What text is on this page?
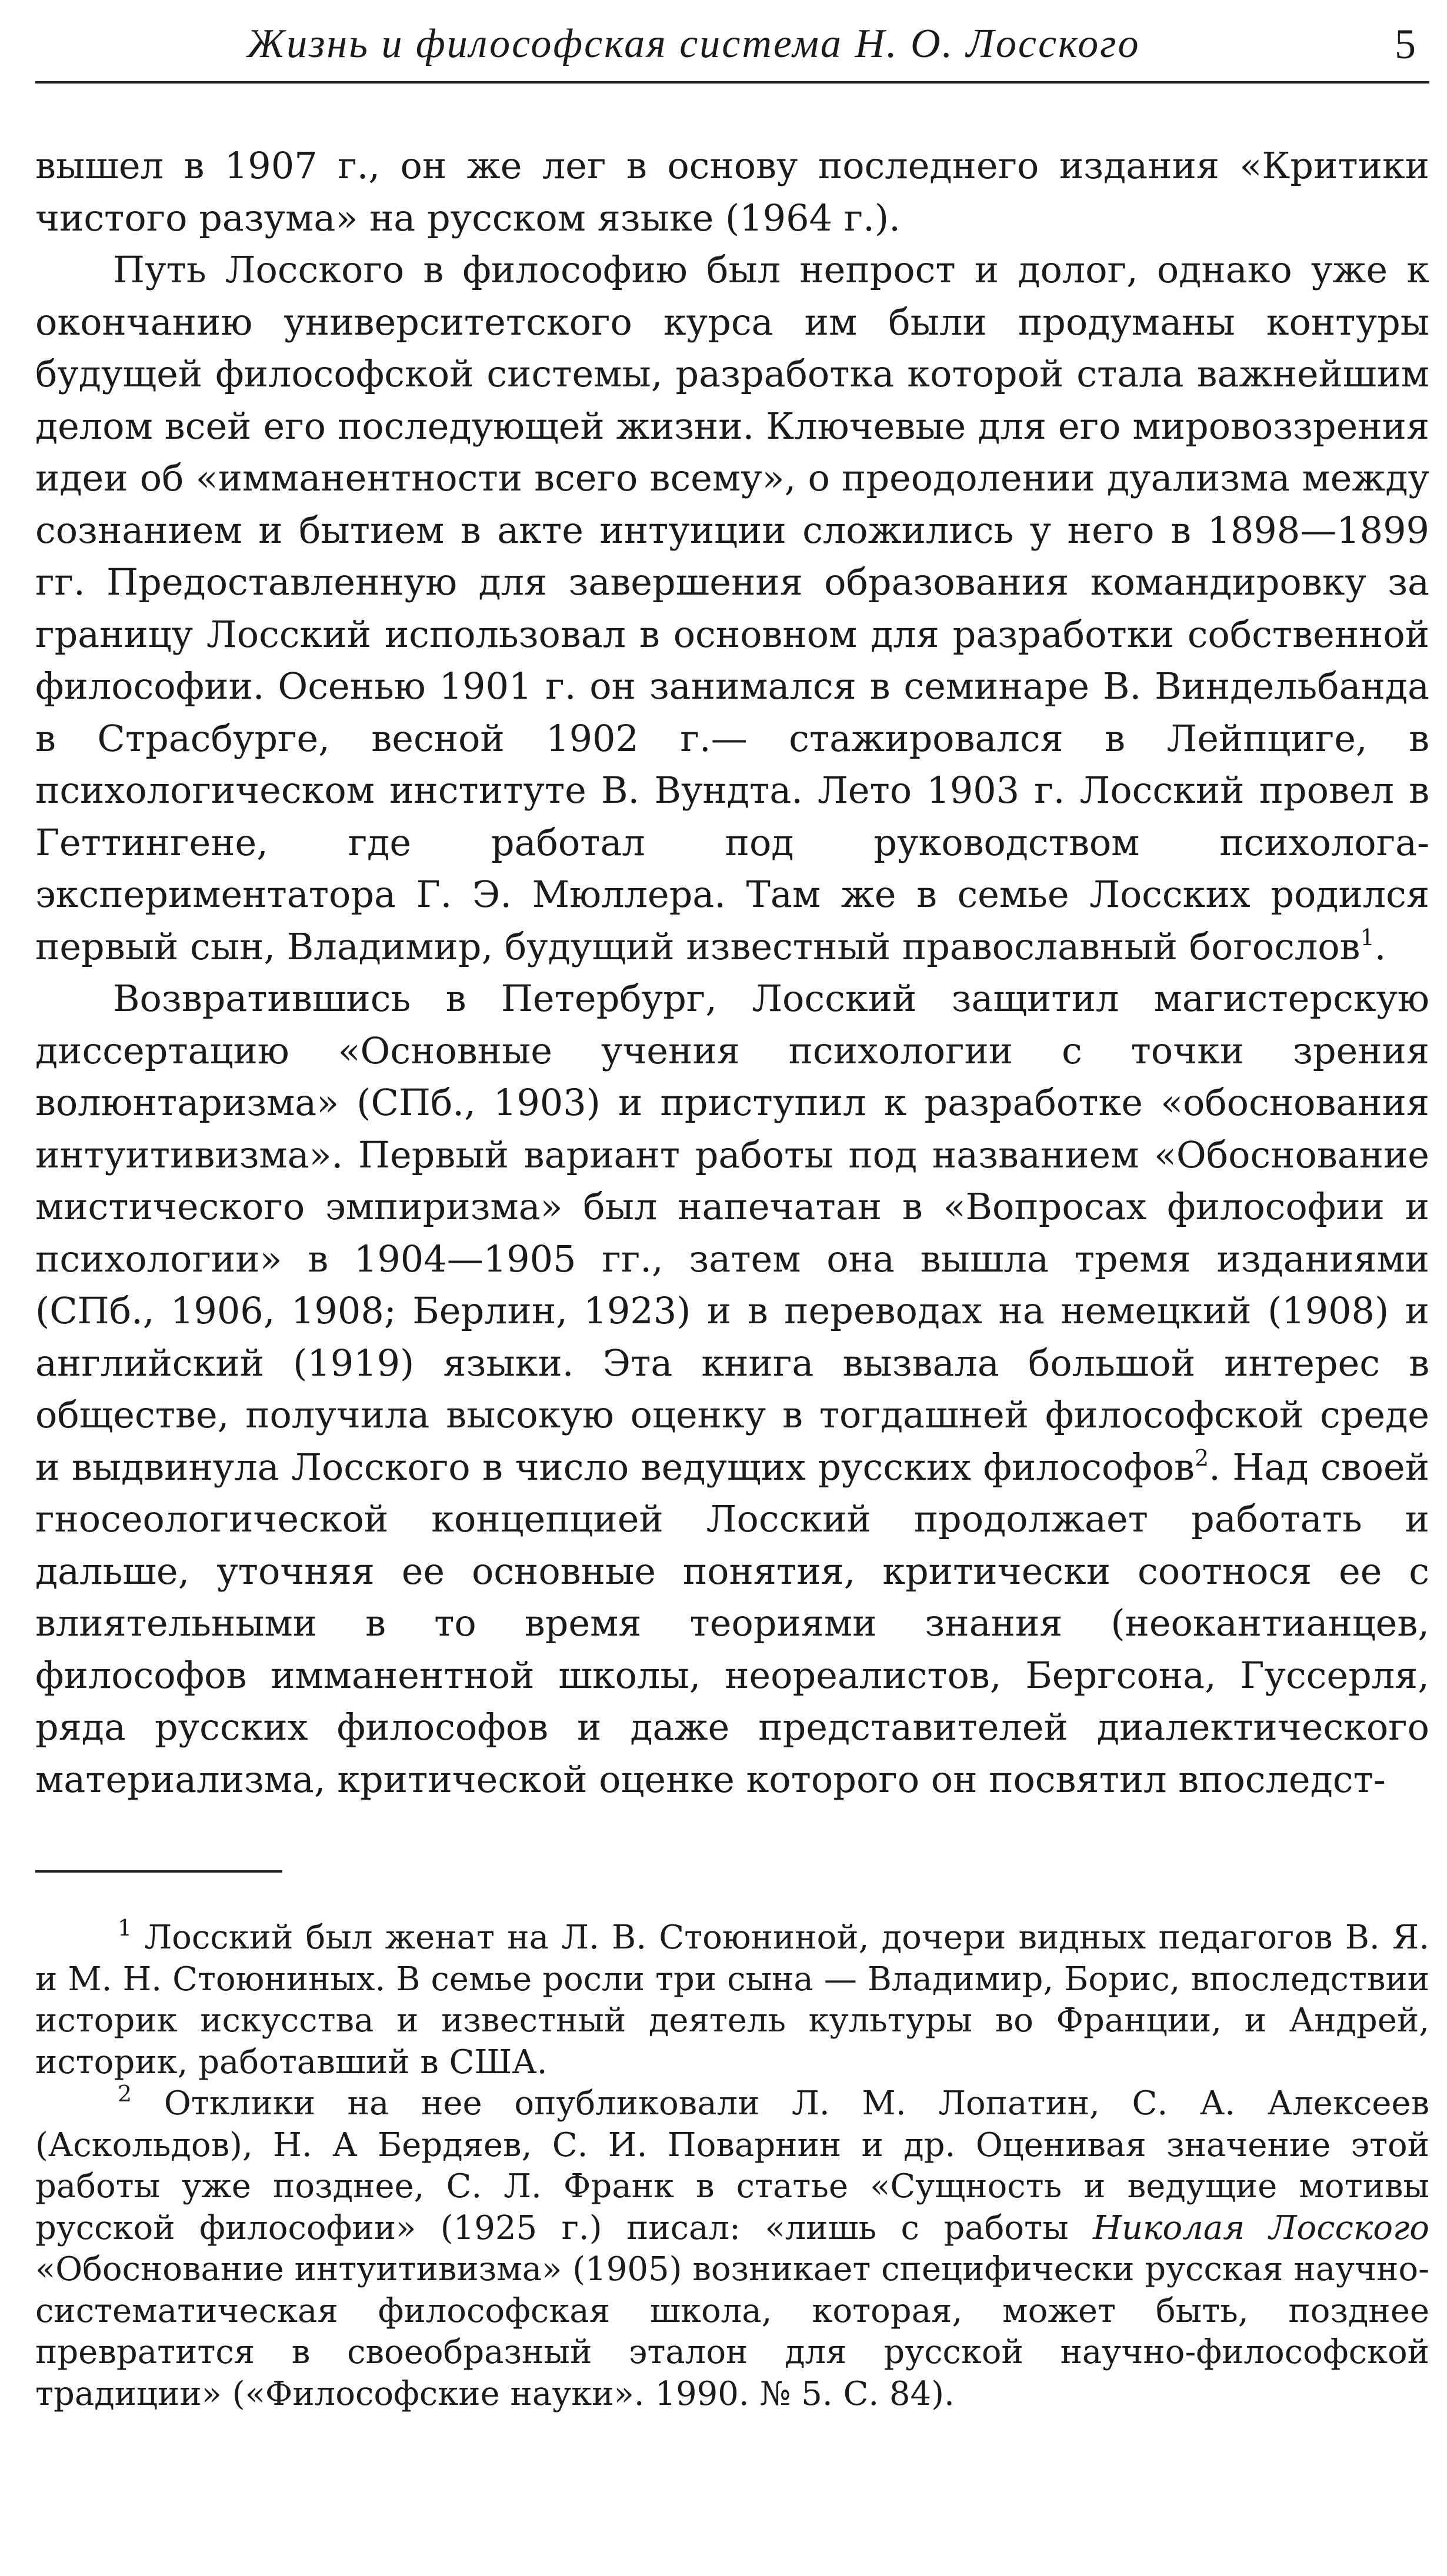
Жизнь и философская система Н. О. Лосского	5

вышел в 1907 г., он же лег в основу последнего издания «Критики чистого разума» на русском языке (1964 г.).

Путь Лосского в философию был непрост и долог, однако уже к окончанию университетского курса им были продуманы контуры будущей философской системы, разработка которой стала важнейшим делом всей его последующей жизни. Ключевые для его мировоззрения идеи об «имманентности всего всему», о преодолении дуализма между сознанием и бытием в акте интуиции сложились у него в 1898—1899 гг. Предоставленную для завершения образования командировку за границу Лосский использовал в основном для разработки собственной философии. Осенью 1901 г. он занимался в семинаре В. Виндельбанда в Страсбурге, весной 1902 г.— стажировался в Лейпциге, в психологическом институте В. Вундта. Лето 1903 г. Лосский провел в Геттингене, где работал под руководством психолога-экспериментатора Г. Э. Мюллера. Там же в семье Лосских родился первый сын, Владимир, будущий известный православный богослов$^1$.

Возвратившись в Петербург, Лосский защитил магистерскую диссертацию «Основные учения психологии с точки зрения волюнтаризма» (СПб., 1903) и приступил к разработке «обоснования интуитивизма». Первый вариант работы под названием «Обоснование мистического эмпиризма» был напечатан в «Вопросах философии и психологии» в 1904—1905 гг., затем она вышла тремя изданиями (СПб., 1906, 1908; Берлин, 1923) и в переводах на немецкий (1908) и английский (1919) языки. Эта книга вызвала большой интерес в обществе, получила высокую оценку в тогдашней философской среде и выдвинула Лосского в число ведущих русских философов$^2$. Над своей гносеологической концепцией Лосский продолжает работать и дальше, уточняя ее основные понятия, критически соотнося ее с влиятельными в то время теориями знания (неокантианцев, философов имманентной школы, неореалистов, Бергсона, Гуссерля, ряда русских философов и даже представителей диалектического материализма, критической оценке которого он посвятил впоследст-

$^1$ Лосский был женат на Л. В. Стоюниной, дочери видных педагогов В. Я. и М. Н. Стоюниных. В семье росли три сына — Владимир, Борис, впоследствии историк искусства и известный деятель культуры во Франции, и Андрей, историк, работавший в США.

$^2$ Отклики на нее опубликовали Л. М. Лопатин, С. А. Алексеев (Аскольдов), Н. А Бердяев, С. И. Поварнин и др. Оценивая значение этой работы уже позднее, С. Л. Франк в статье «Сущность и ведущие мотивы русской философии» (1925 г.) писал: «лишь с работы Николая Лосского «Обоснование интуитивизма» (1905) возникает специфически русская научно-систематическая философская школа, которая, может быть, позднее превратится в своеобразный эталон для русской научно-философской традиции» («Философские науки». 1990. № 5. С. 84).
